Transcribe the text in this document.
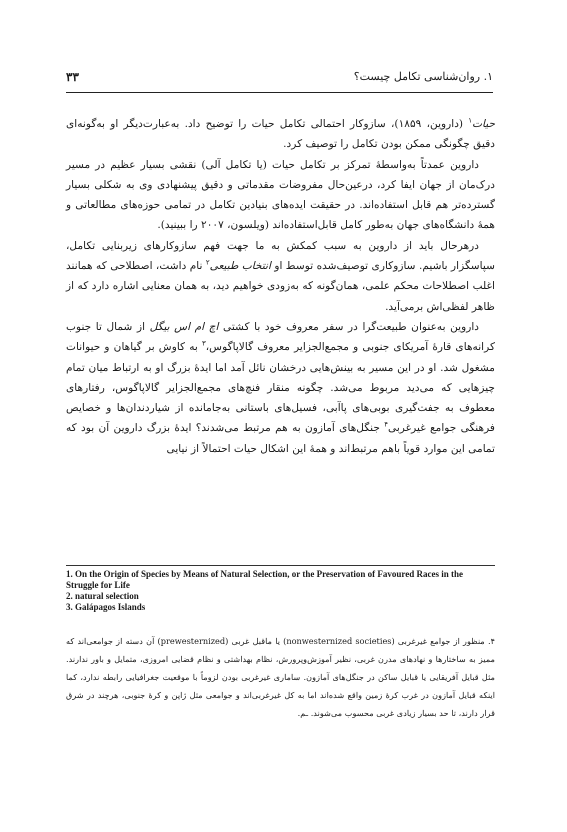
۱. روان‌شناسی تکامل چیست؟
۳۳

حیات$^۱$ (داروین، ۱۸۵۹)، سازوکار احتمالی تکامل حیات را توضیح داد. به‌عبارت‌دیگر او به‌گونه‌ای دقیق چگونگی ممکن بودن تکامل را توصیف کرد.

داروین عمدتاً به‌واسطهٔ تمرکز بر تکامل حیات (یا تکامل آلی) نقشی بسیار عظیم در مسیر درک‌مان از جهان ایفا کرد، درعین‌حال مفروضات مقدماتی و دقیق پیشنهادی وی به شکلی بسیار گسترده‌تر هم قابل استفاده‌اند. در حقیقت ایده‌های بنیادین تکامل در تمامی حوزه‌های مطالعاتی و همهٔ دانشگاه‌های جهان به‌طور کامل قابل‌استفاده‌اند (ویلسون، ۲۰۰۷ را ببینید).

درهرحال باید از داروین به سبب کمکش به ما جهت فهم سازوکارهای زیربنایی تکامل، سپاسگزار باشیم. سازوکاری توصیف‌شده توسط او انتخاب طبیعی$^۲$ نام داشت، اصطلاحی که همانند اغلب اصطلاحات محکم علمی، همان‌گونه که به‌زودی خواهیم دید، به همان معنایی اشاره دارد که از ظاهر لفظی‌اش برمی‌آید.

داروین به‌عنوان طبیعت‌گرا در سفر معروف خود با کشتی اچ ام اس بیگل از شمال تا جنوب کرانه‌های قارهٔ آمریکای جنوبی و مجمع‌الجزایر معروف گالاپاگوس،$^۳$ به کاوش بر گیاهان و حیوانات مشغول شد. او در این مسیر به بینش‌هایی درخشان نائل آمد اما ایدهٔ بزرگ او به ارتباط میان تمام چیزهایی که می‌دید مربوط می‌شد. چگونه منقار فنچ‌های مجمع‌الجزایر گالاپاگوس، رفتارهای معطوف به جفت‌گیری بوبی‌های پاآبی، فسیل‌های باستانی به‌جامانده از شیاردندان‌ها و خصایص فرهنگی جوامع غیرغربی$^۴$ جنگل‌های آمازون به هم مرتبط می‌شدند؟ ایدهٔ بزرگ داروین آن بود که تمامی این موارد قویاً باهم مرتبط‌اند و همهٔ این اشکال حیات احتمالاً از نیایی

1. On the Origin of Species by Means of Natural Selection, or the Preservation of Favoured Races in the Struggle for Life
2. natural selection
3. Galápagos Islands

۴. منظور از جوامع غیرغربی (nonwesternized societies) یا ماقبل غربی (prewesternized) آن دسته از جوامعی‌اند که ممیز به ساختارها و نهادهای مدرن غربی، نظیر آموزش‌وپرورش، نظام بهداشتی و نظام قضایی امروزی، متمایل و باور ندارند. مثل قبایل آفریقایی یا قبایل ساکن در جنگل‌های آمازون. ساماری غیرغربی بودن لزوماً با موقعیت جغرافیایی رابطه ندارد، کما اینکه قبایل آمازون در غرب کرهٔ زمین واقع شده‌اند اما به کل غیرغربی‌اند و جوامعی مثل ژاپن و کرهٔ جنوبی، هرچند در شرق قرار دارند، تا حد بسیار زیادی غربی محسوب می‌شوند. ـم.
